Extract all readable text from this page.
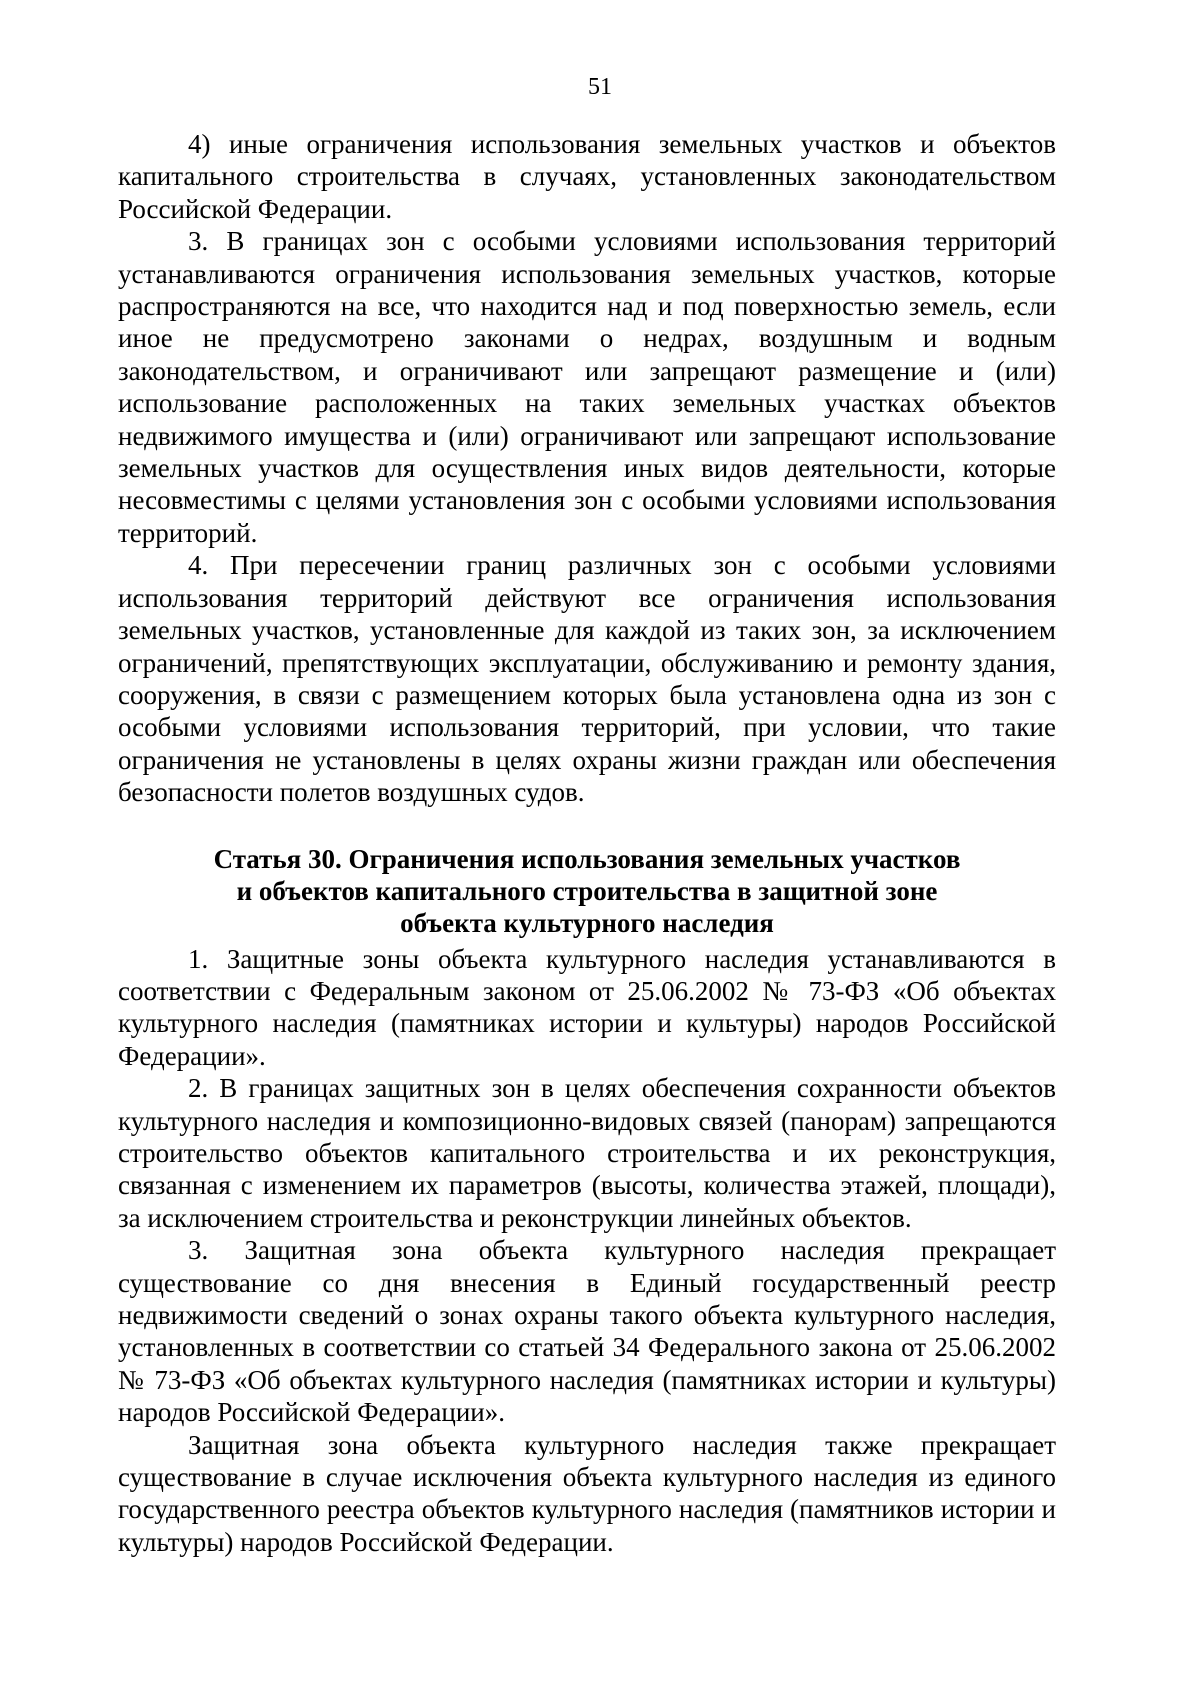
51

4) иные ограничения использования земельных участков и объектов капитального строительства в случаях, установленных законодательством Российской Федерации.

3. В границах зон с особыми условиями использования территорий устанавливаются ограничения использования земельных участков, которые распространяются на все, что находится над и под поверхностью земель, если иное не предусмотрено законами о недрах, воздушным и водным законодательством, и ограничивают или запрещают размещение и (или) использование расположенных на таких земельных участках объектов недвижимого имущества и (или) ограничивают или запрещают использование земельных участков для осуществления иных видов деятельности, которые несовместимы с целями установления зон с особыми условиями использования территорий.

4. При пересечении границ различных зон с особыми условиями использования территорий действуют все ограничения использования земельных участков, установленные для каждой из таких зон, за исключением ограничений, препятствующих эксплуатации, обслуживанию и ремонту здания, сооружения, в связи с размещением которых была установлена одна из зон с особыми условиями использования территорий, при условии, что такие ограничения не установлены в целях охраны жизни граждан или обеспечения безопасности полетов воздушных судов.

Статья 30. Ограничения использования земельных участков
и объектов капитального строительства в защитной зоне
объекта культурного наследия

1. Защитные зоны объекта культурного наследия устанавливаются в соответствии с Федеральным законом от 25.06.2002 № 73-ФЗ «Об объектах культурного наследия (памятниках истории и культуры) народов Российской Федерации».

2. В границах защитных зон в целях обеспечения сохранности объектов культурного наследия и композиционно-видовых связей (панорам) запрещаются строительство объектов капитального строительства и их реконструкция, связанная с изменением их параметров (высоты, количества этажей, площади), за исключением строительства и реконструкции линейных объектов.

3. Защитная зона объекта культурного наследия прекращает существование со дня внесения в Единый государственный реестр недвижимости сведений о зонах охраны такого объекта культурного наследия, установленных в соответствии со статьей 34 Федерального закона от 25.06.2002 № 73-ФЗ «Об объектах культурного наследия (памятниках истории и культуры) народов Российской Федерации».

Защитная зона объекта культурного наследия также прекращает существование в случае исключения объекта культурного наследия из единого государственного реестра объектов культурного наследия (памятников истории и культуры) народов Российской Федерации.
